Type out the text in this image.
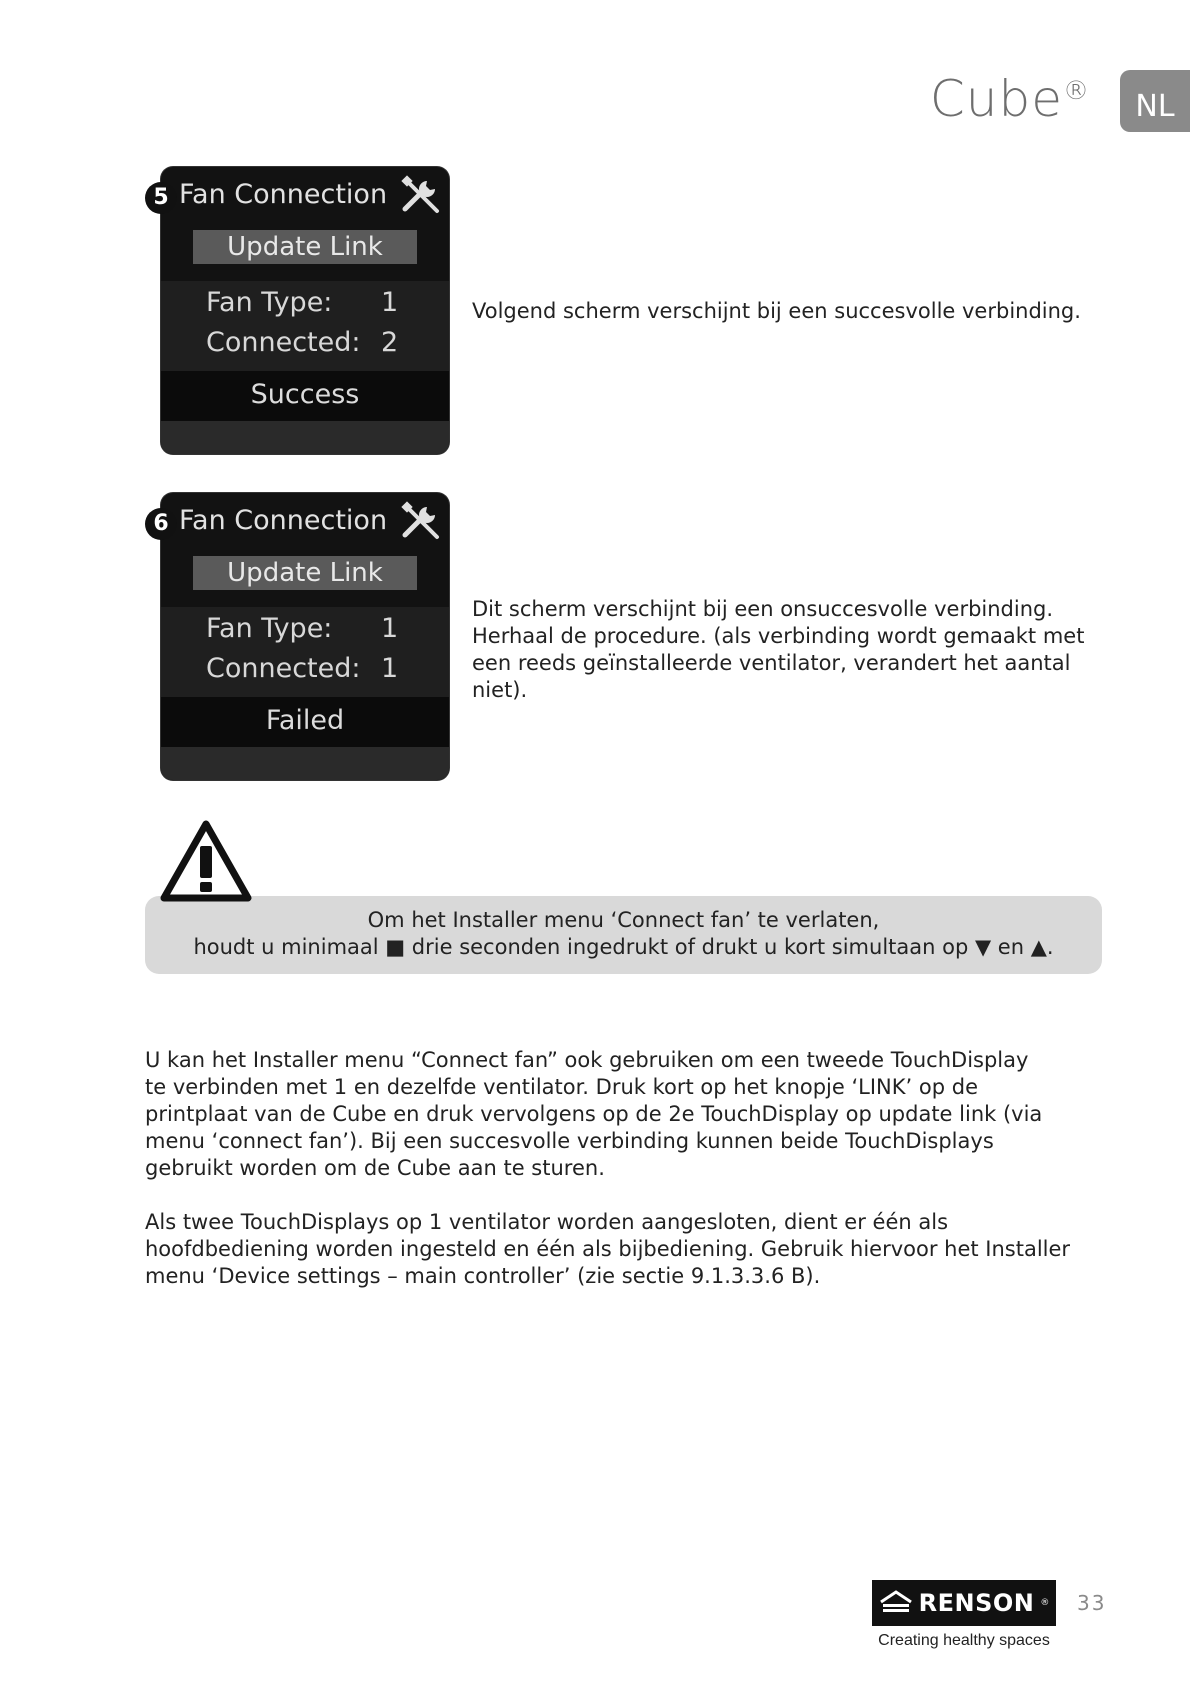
Cube®	NL
5 Fan Connection
Update Link
Fan Type: 1
Connected: 2
Success
Volgend scherm verschijnt bij een succesvolle verbinding.
6 Fan Connection
Update Link
Fan Type: 1
Connected: 1
Failed
Dit scherm verschijnt bij een onsuccesvolle verbinding. Herhaal de procedure. (als verbinding wordt gemaakt met een reeds geïnstalleerde ventilator, verandert het aantal niet).
Om het Installer menu ‘Connect fan’ te verlaten,
houdt u minimaal ■ drie seconden ingedrukt of drukt u kort simultaan op ▼ en ▲.
U kan het Installer menu “Connect fan” ook gebruiken om een tweede TouchDisplay te verbinden met 1 en dezelfde ventilator. Druk kort op het knopje ‘LINK’ op de printplaat van de Cube en druk vervolgens op de 2e TouchDisplay op update link (via menu ‘connect fan’). Bij een succesvolle verbinding kunnen beide TouchDisplays gebruikt worden om de Cube aan te sturen.
Als twee TouchDisplays op 1 ventilator worden aangesloten, dient er één als hoofdbediening worden ingesteld en één als bijbediening. Gebruik hiervoor het Installer menu ‘Device settings – main controller’ (zie sectie 9.1.3.3.6 B).
RENSON ®
Creating healthy spaces
33
